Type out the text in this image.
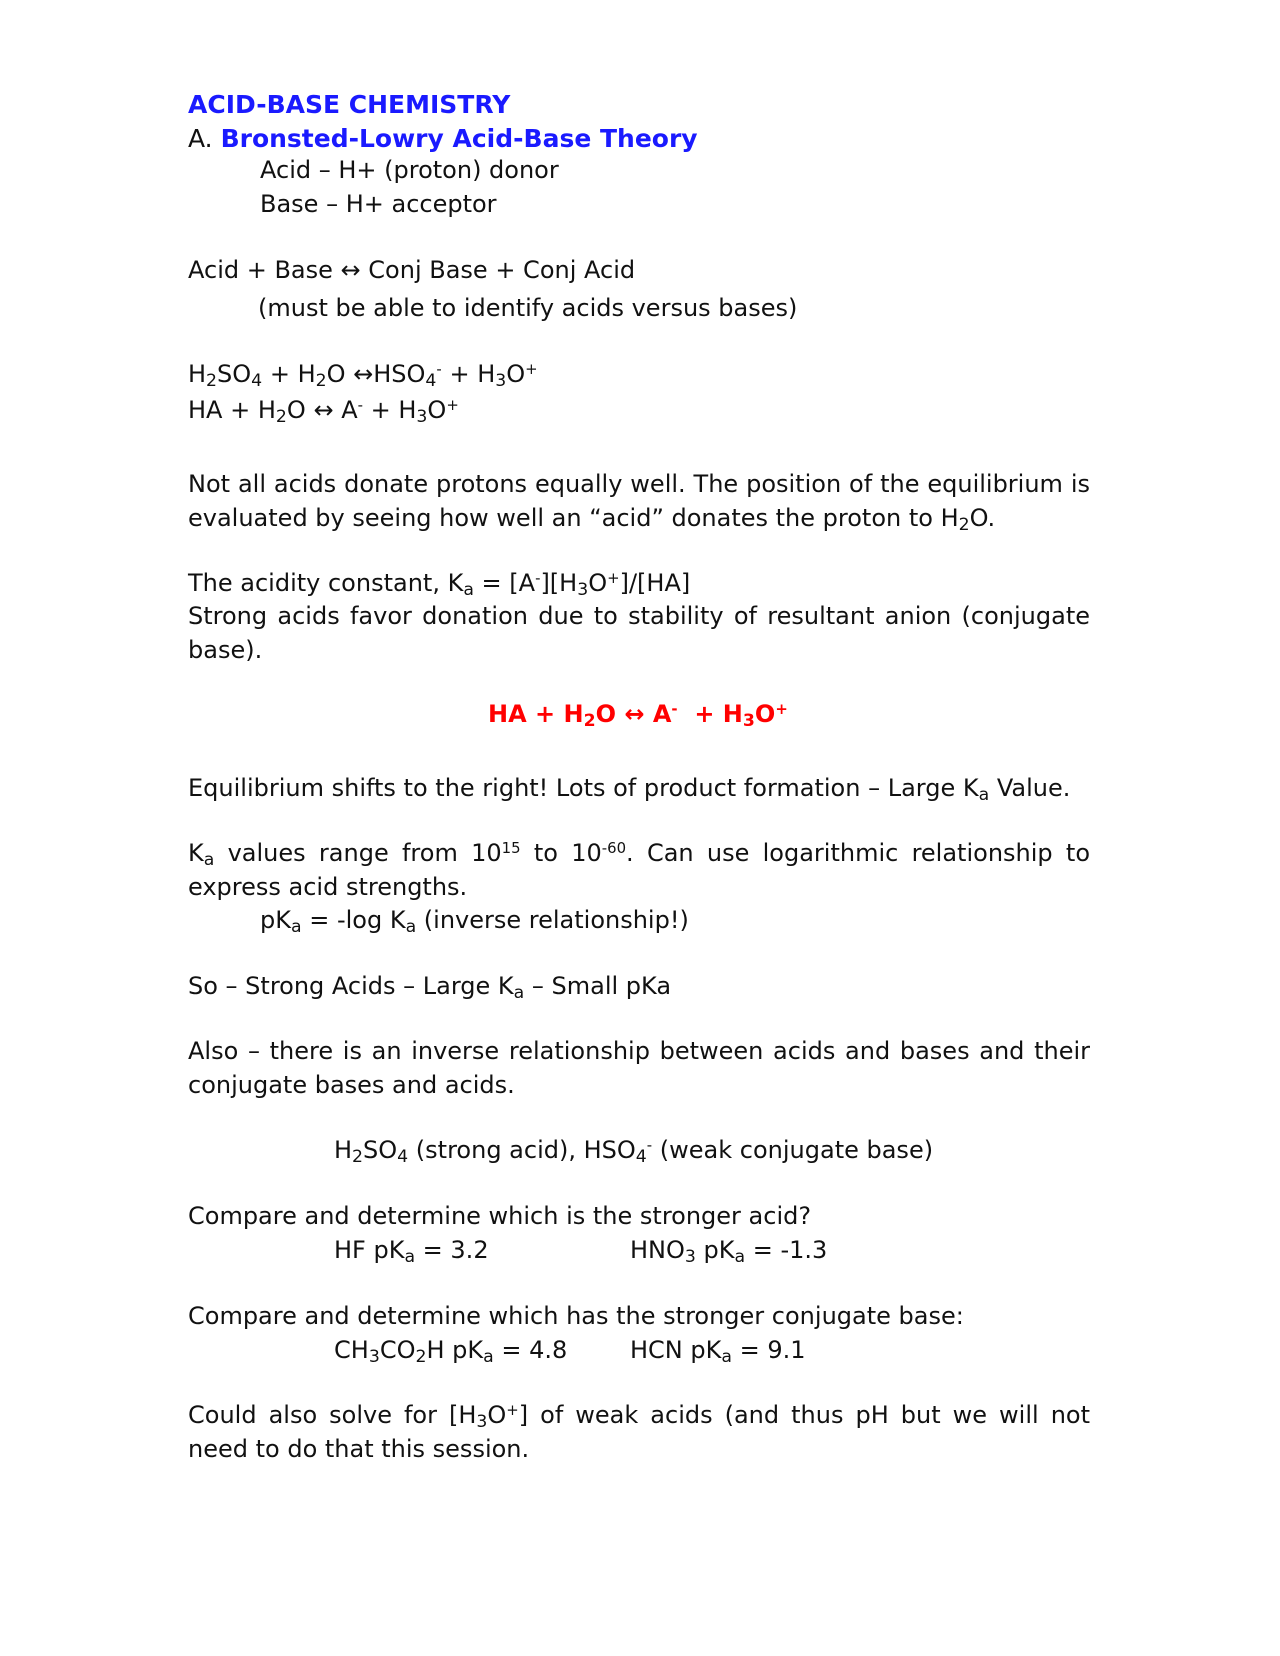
ACID-BASE CHEMISTRY
A. Bronsted-Lowry Acid-Base Theory
Acid – H+ (proton) donor
Base – H+ acceptor
Acid + Base ↔ Conj Base + Conj Acid
(must be able to identify acids versus bases)
$H_2SO_4 + H_2O$ $\leftrightarrow HSO_4^- + H_3O^+$
HA + $H_2O$ ↔ $A^- + H_3O^+$
Not all acids donate protons equally well. The position of the equilibrium is evaluated by seeing how well an “acid” donates the proton to $H_2O$.
The acidity constant, $K_a = [A^-][H_3O^+]/[HA]$
Strong acids favor donation due to stability of resultant anion (conjugate base).
HA + $H_2O$ ↔ $A^- + H_3O^+$
Equilibrium shifts to the right! Lots of product formation – Large $K_a$ Value.
$K_a$ values range from $10^{15}$ to $10^{-60}$. Can use logarithmic relationship to express acid strengths.
$pK_a = -\log$ $K_a$ (inverse relationship!)
So – Strong Acids – Large $K_a$ – Small pKa
Also – there is an inverse relationship between acids and bases and their conjugate bases and acids.
$H_2SO_4$ (strong acid), $HSO_4^-$ (weak conjugate base)
Compare and determine which is the stronger acid?
HF $pK_a = 3.2$	$HNO_3$ $pK_a = -1.3$
Compare and determine which has the stronger conjugate base:
$CH_3CO_2H$ $pK_a = 4.8$	HCN $pK_a = 9.1$
Could also solve for $[H_3O^+]$ of weak acids (and thus pH but we will not need to do that this session.
